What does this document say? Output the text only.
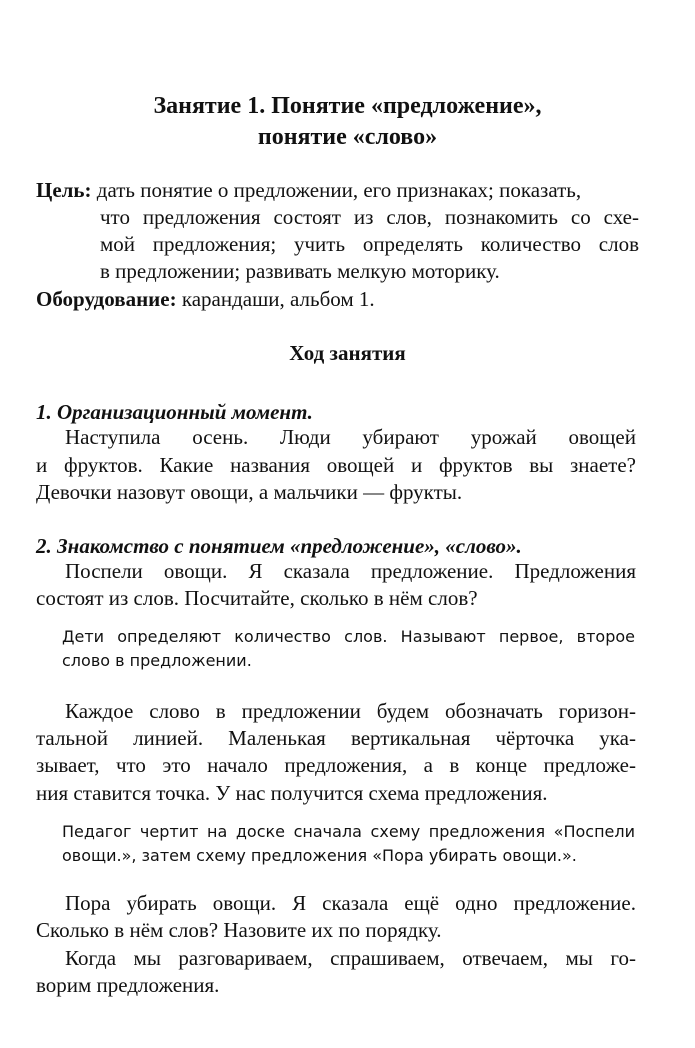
Занятие 1. Понятие «предложение»,
понятие «слово»

Цель: дать понятие о предложении, его признаках; показать,

что предложения состоят из слов, познакомить со схе-

мой предложения; учить определять количество слов

в предложении; развивать мелкую моторику.

Оборудование: карандаши, альбом 1.

Ход занятия

1. Организационный момент.

Наступила осень. Люди убирают урожай овощей

и фруктов. Какие названия овощей и фруктов вы знаете?

Девочки назовут овощи, а мальчики — фрукты.

2. Знакомство с понятием «предложение», «слово».

Поспели овощи. Я сказала предложение. Предложения

состоят из слов. Посчитайте, сколько в нём слов?

Дети определяют количество слов. Называют первое, второе

слово в предложении.

Каждое слово в предложении будем обозначать горизон-

тальной линией. Маленькая вертикальная чёрточка ука-

зывает, что это начало предложения, а в конце предложе-

ния ставится точка. У нас получится схема предложения.

Педагог чертит на доске сначала схему предложения «Поспели

овощи.», затем схему предложения «Пора убирать овощи.».

Пора убирать овощи. Я сказала ещё одно предложение.

Сколько в нём слов? Назовите их по порядку.

Когда мы разговариваем, спрашиваем, отвечаем, мы го-

ворим предложения.
